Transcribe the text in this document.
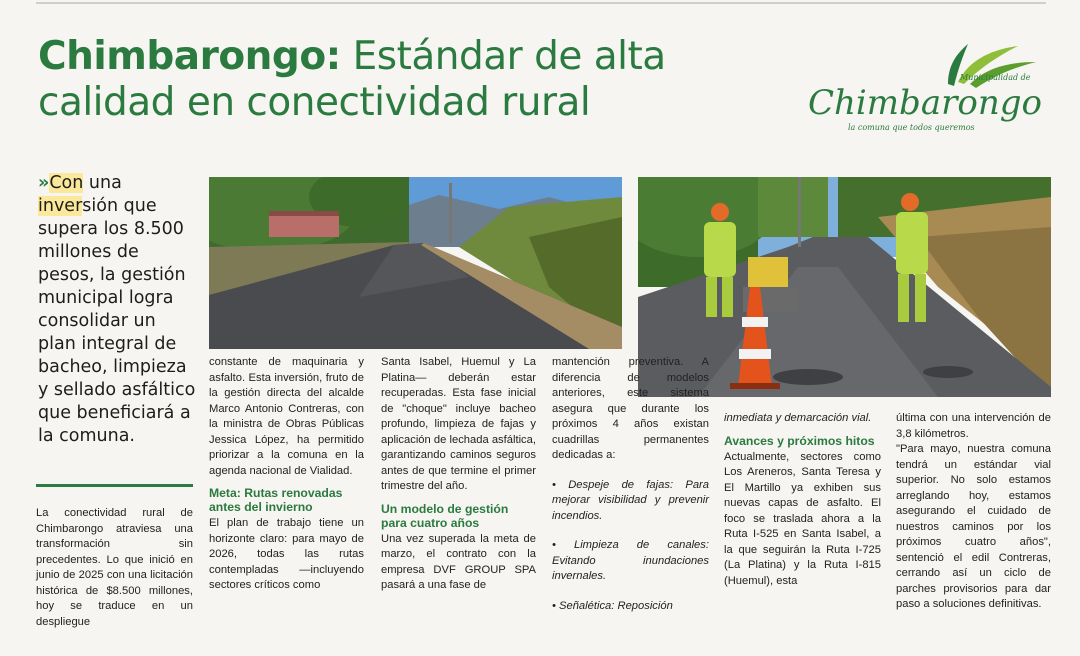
Chimbarongo: Estándar de alta
calidad en conectividad rural
Municipalidad de
Chimbarongo
la comuna que todos queremos
»Con una inversión que supera los 8.500 millones de pesos, la gestión municipal logra consolidar un plan integral de bacheo, limpieza y sellado asfáltico que beneficiará a la comuna.

La conectividad rural de Chimbarongo atraviesa una transformación sin precedentes. Lo que inició en junio de 2025 con una licitación histórica de $8.500 millones, hoy se traduce en un despliegue

constante de maquinaria y asfalto. Esta inversión, fruto de la gestión directa del alcalde Marco Antonio Contreras, con la ministra de Obras Públicas Jessica López, ha permitido priorizar a la comuna en la agenda nacional de Vialidad.

Meta: Rutas renovadas antes del invierno

El plan de trabajo tiene un horizonte claro: para mayo de 2026, todas las rutas contempladas —incluyendo sectores críticos como

Santa Isabel, Huemul y La Platina— deberán estar recuperadas. Esta fase inicial de "choque" incluye bacheo profundo, limpieza de fajas y aplicación de lechada asfáltica, garantizando caminos seguros antes de que termine el primer trimestre del año.

Un modelo de gestión para cuatro años

Una vez superada la meta de marzo, el contrato con la empresa DVF GROUP SPA pasará a una fase de

mantención preventiva. A diferencia de modelos anteriores, este sistema asegura que durante los próximos 4 años existan cuadrillas permanentes dedicadas a:

• Despeje de fajas: Para mejorar visibilidad y prevenir incendios.

• Limpieza de canales: Evitando inundaciones invernales.

• Señalética: Reposición

inmediata y demarcación vial.

Avances y próximos hitos

Actualmente, sectores como Los Areneros, Santa Teresa y El Martillo ya exhiben sus nuevas capas de asfalto. El foco se traslada ahora a la Ruta I-525 en Santa Isabel, a la que seguirán la Ruta I-725 (La Platina) y la Ruta I-815 (Huemul), esta

última con una intervención de 3,8 kilómetros.

"Para mayo, nuestra comuna tendrá un estándar vial superior. No solo estamos arreglando hoy, estamos asegurando el cuidado de nuestros caminos por los próximos cuatro años", sentenció el edil Contreras, cerrando así un ciclo de parches provisorios para dar paso a soluciones definitivas.
